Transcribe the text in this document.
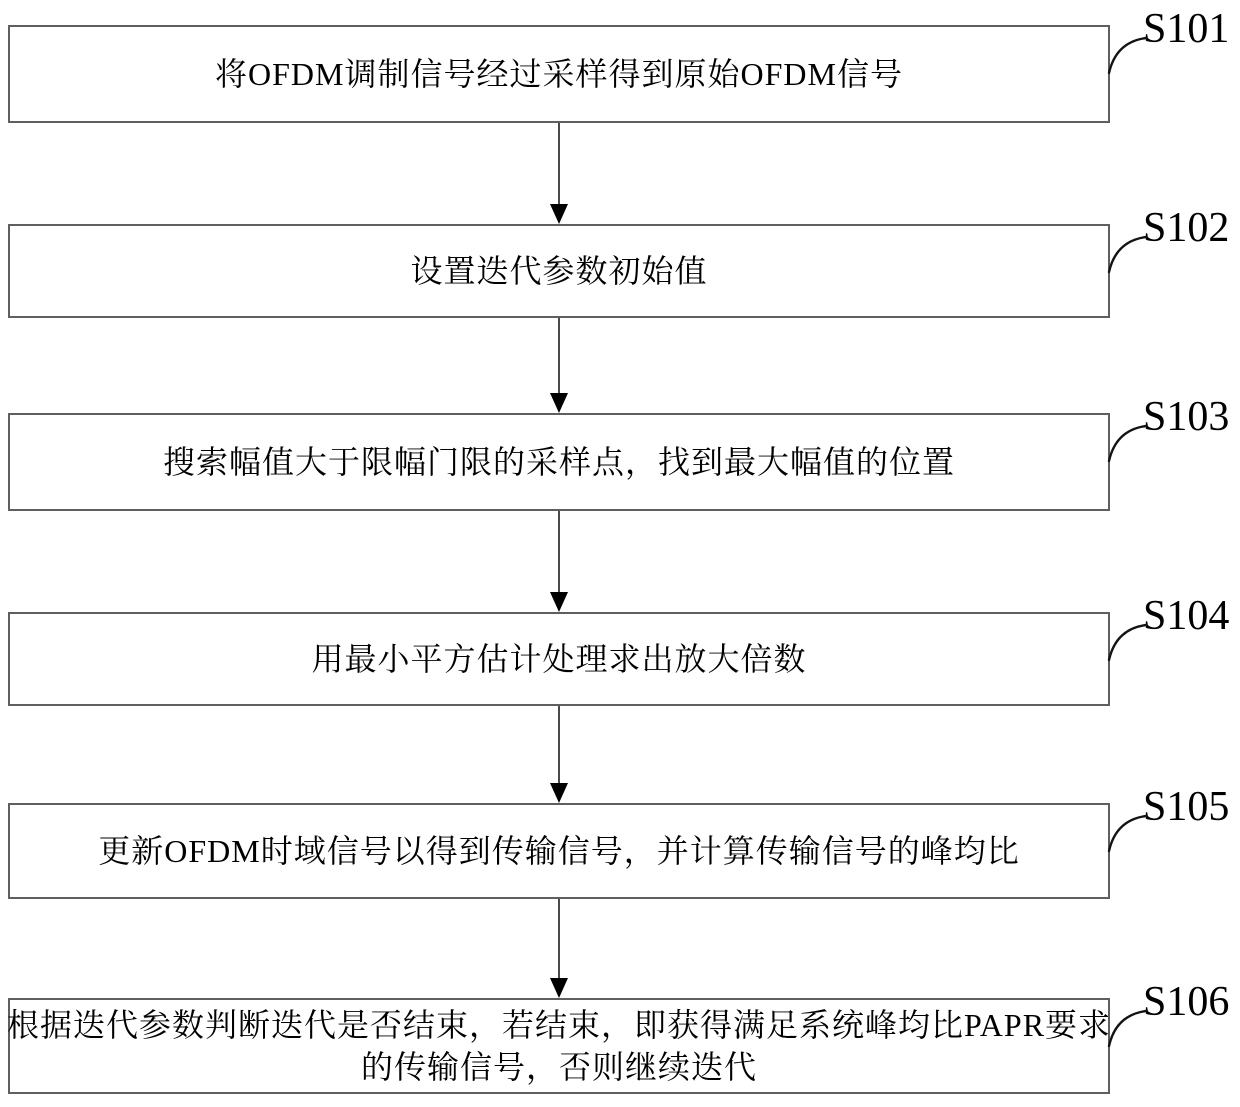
将OFDM调制信号经过采样得到原始OFDM信号
S101
设置迭代参数初始值
S102
搜索幅值大于限幅门限的采样点，找到最大幅值的位置
S103
用最小平方估计处理求出放大倍数
S104
更新OFDM时域信号以得到传输信号，并计算传输信号的峰均比
S105
根据迭代参数判断迭代是否结束，若结束，即获得满足系统峰均比PAPR要求
的传输信号，否则继续迭代
S106
